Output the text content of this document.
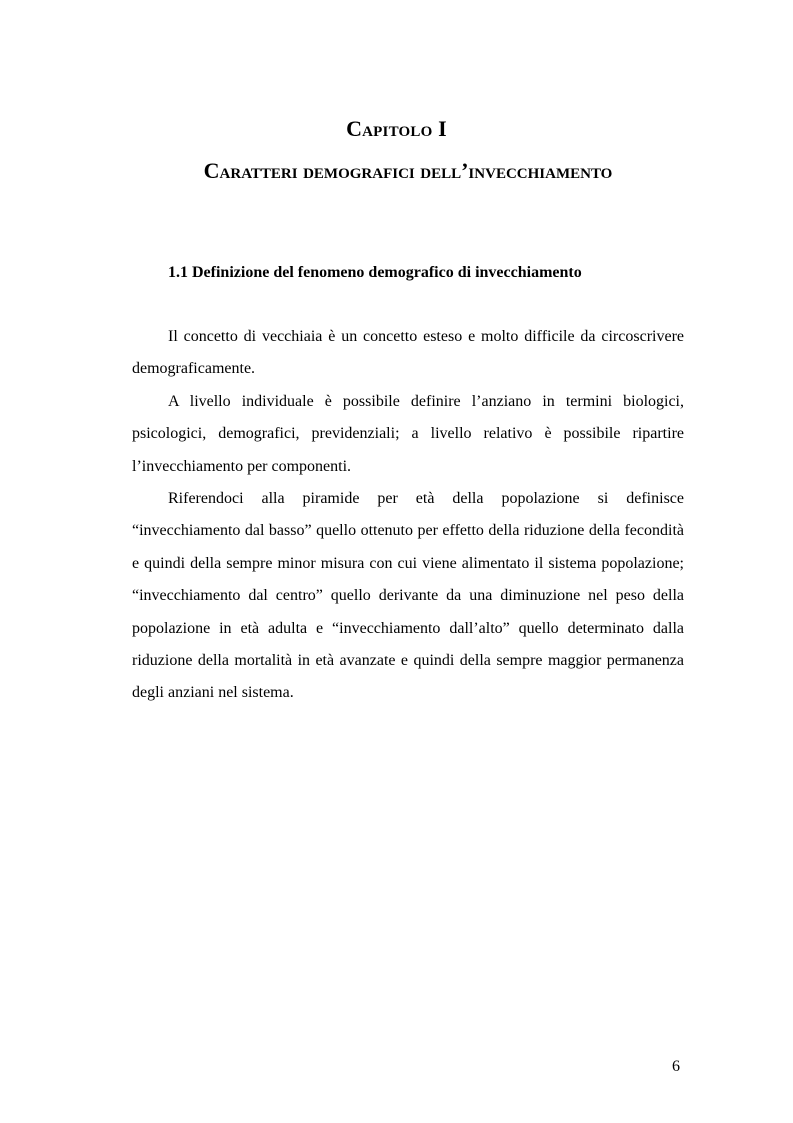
Capitolo I
Caratteri demografici dell’invecchiamento
1.1 Definizione del fenomeno demografico di invecchiamento

Il concetto di vecchiaia è un concetto esteso e molto difficile da circoscrivere demograficamente.

A livello individuale è possibile definire l’anziano in termini biologici, psicologici, demografici, previdenziali; a livello relativo è possibile ripartire l’invecchiamento per componenti.

Riferendoci alla piramide per età della popolazione si definisce “invecchiamento dal basso” quello ottenuto per effetto della riduzione della fecondità e quindi della sempre minor misura con cui viene alimentato il sistema popolazione; “invecchiamento dal centro” quello derivante da una diminuzione nel peso della popolazione in età adulta e “invecchiamento dall’alto” quello determinato dalla riduzione della mortalità in età avanzate e quindi della sempre maggior permanenza degli anziani nel sistema.

6
